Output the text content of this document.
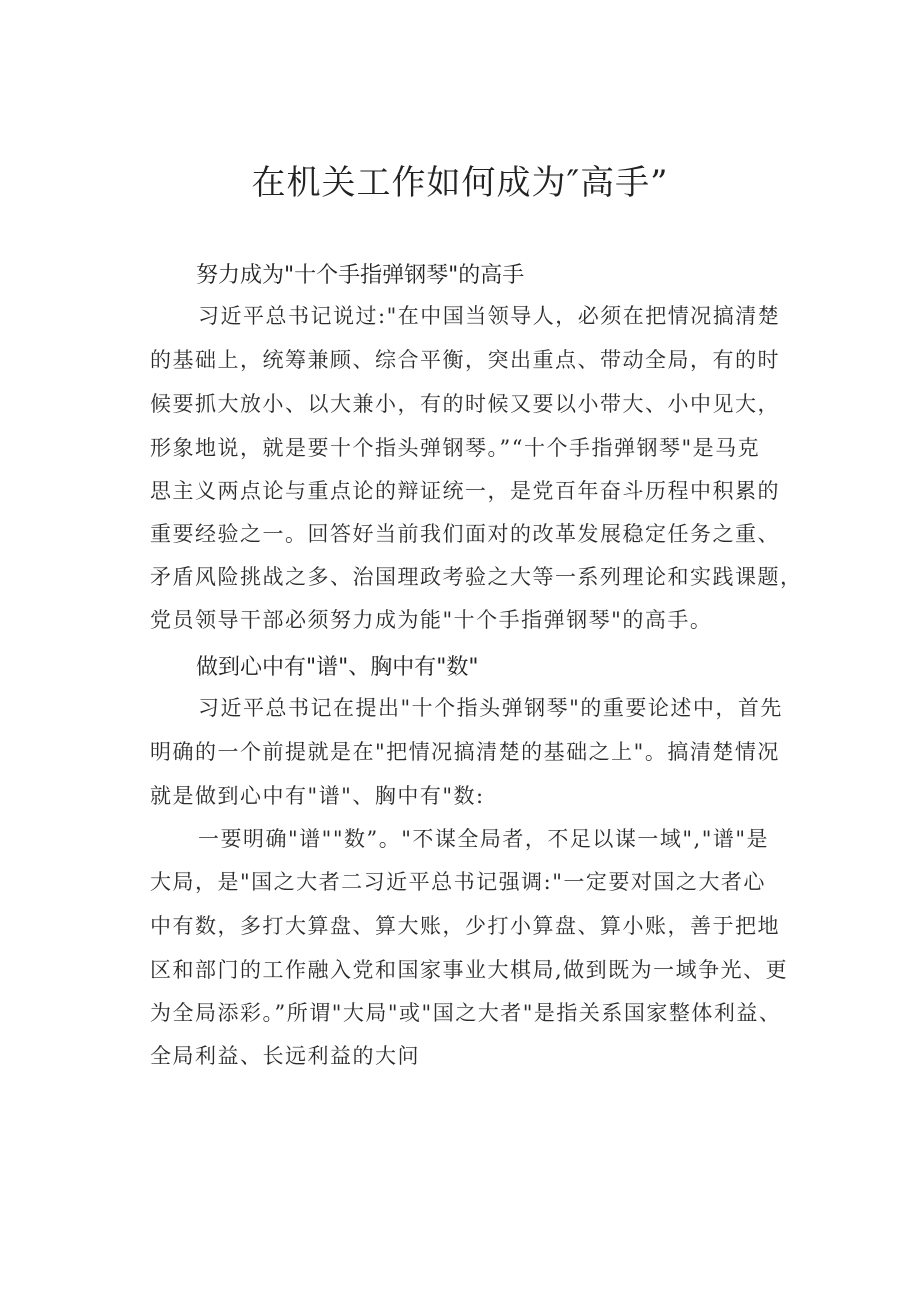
在机关工作如何成为″高手”
努力成为"十个手指弹钢琴"的高手

习近平总书记说过:"在中国当领导人，必须在把情况搞清楚

的基础上，统筹兼顾、综合平衡，突出重点、带动全局，有的时

候要抓大放小、以大兼小，有的时候又要以小带大、小中见大，

形象地说，就是要十个指头弹钢琴。”“十个手指弹钢琴"是马克

思主义两点论与重点论的辩证统一，是党百年奋斗历程中积累的

重要经验之一。回答好当前我们面对的改革发展稳定任务之重、

矛盾风险挑战之多、治国理政考验之大等一系列理论和实践课题，

党员领导干部必须努力成为能"十个手指弹钢琴"的高手。

做到心中有"谱"、胸中有"数"

习近平总书记在提出"十个指头弹钢琴"的重要论述中，首先

明确的一个前提就是在"把情况搞清楚的基础之上"。搞清楚情况

就是做到心中有"谱"、胸中有"数:

一要明确"谱""数”。"不谋全局者，不足以谋一域","谱"是

大局，是"国之大者二习近平总书记强调:"一定要对国之大者心

中有数，多打大算盘、算大账，少打小算盘、算小账，善于把地

区和部门的工作融入党和国家事业大棋局,做到既为一域争光、更

为全局添彩。”所谓"大局"或"国之大者"是指关系国家整体利益、

全局利益、长远利益的大问
